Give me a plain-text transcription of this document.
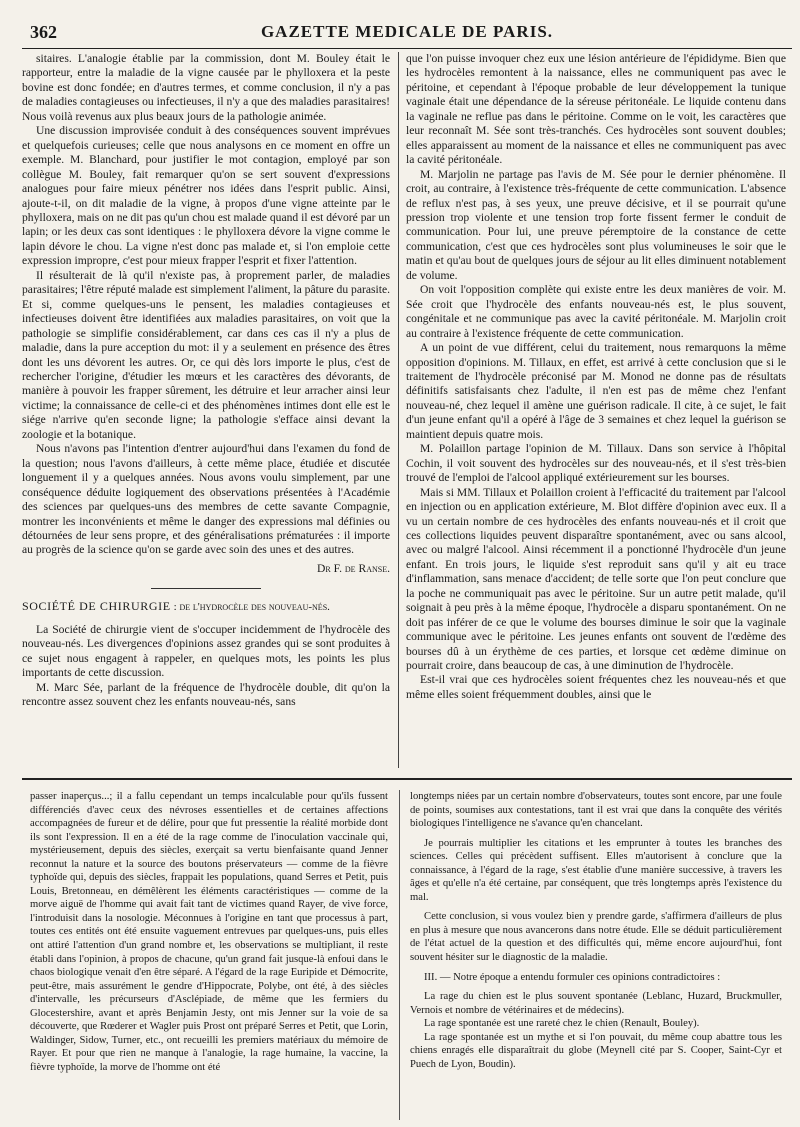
362	GAZETTE MEDICALE DE PARIS.

sitaires. L'analogie établie par la commission, dont M. Bouley était le rapporteur, entre la maladie de la vigne causée par le phylloxera et la peste bovine est donc fondée; en d'autres termes, et comme conclusion, il n'y a pas de maladies contagieuses ou infectieuses, il n'y a que des maladies parasitaires! Nous voilà revenus aux plus beaux jours de la pathologie animée.

Une discussion improvisée conduit à des conséquences souvent imprévues et quelquefois curieuses; celle que nous analysons en ce moment en offre un exemple. M. Blanchard, pour justifier le mot contagion, employé par son collègue M. Bouley, fait remarquer qu'on se sert souvent d'expressions analogues pour faire mieux pénétrer nos idées dans l'esprit public. Ainsi, ajoute-t-il, on dit maladie de la vigne, à propos d'une vigne atteinte par le phylloxera, mais on ne dit pas qu'un chou est malade quand il est dévoré par un lapin; or les deux cas sont identiques : le phylloxera dévore la vigne comme le lapin dévore le chou. La vigne n'est donc pas malade et, si l'on emploie cette expression impropre, c'est pour mieux frapper l'esprit et fixer l'attention.

Il résulterait de là qu'il n'existe pas, à proprement parler, de maladies parasitaires; l'être réputé malade est simplement l'aliment, la pâture du parasite. Et si, comme quelques-uns le pensent, les maladies contagieuses et infectieuses doivent être identifiées aux maladies parasitaires, on voit que la pathologie se simplifie considérablement, car dans ces cas il n'y a plus de maladie, dans la pure acception du mot: il y a seulement en présence des êtres dont les uns dévorent les autres. Or, ce qui dès lors importe le plus, c'est de rechercher l'origine, d'étudier les mœurs et les caractères des dévorants, de manière à pouvoir les frapper sûrement, les détruire et leur arracher ainsi leur victime; la connaissance de celle-ci et des phénomènes intimes dont elle est le siége n'arrive qu'en seconde ligne; la pathologie s'efface ainsi devant la zoologie et la botanique.

Nous n'avons pas l'intention d'entrer aujourd'hui dans l'examen du fond de la question; nous l'avons d'ailleurs, à cette même place, étudiée et discutée longuement il y a quelques années. Nous avons voulu simplement, par une conséquence déduite logiquement des observations présentées à l'Académie des sciences par quelques-uns des membres de cette savante Compagnie, montrer les inconvénients et même le danger des expressions mal définies ou détournées de leur sens propre, et des généralisations prématurées : il importe au progrès de la science qu'on se garde avec soin des unes et des autres.

Dr F. de Ranse.

SOCIÉTÉ DE CHIRURGIE : de l'hydrocèle des nouveau-nés.

La Société de chirurgie vient de s'occuper incidemment de l'hydrocèle des nouveau-nés. Les divergences d'opinions assez grandes qui se sont produites à ce sujet nous engagent à rappeler, en quelques mots, les points les plus importants de cette discussion.

M. Marc Sée, parlant de la fréquence de l'hydrocèle double, dit qu'on la rencontre assez souvent chez les enfants nouveau-nés, sans

que l'on puisse invoquer chez eux une lésion antérieure de l'épididyme. Bien que les hydrocèles remontent à la naissance, elles ne communiquent pas avec le péritoine, et cependant à l'époque probable de leur développement la tunique vaginale était une dépendance de la séreuse péritonéale. Le liquide contenu dans la vaginale ne reflue pas dans le péritoine. Comme on le voit, les caractères que leur reconnaît M. Sée sont très-tranchés. Ces hydrocèles sont souvent doubles; elles apparaissent au moment de la naissance et elles ne communiquent pas avec la cavité péritonéale.

M. Marjolin ne partage pas l'avis de M. Sée pour le dernier phénomène. Il croit, au contraire, à l'existence très-fréquente de cette communication. L'absence de reflux n'est pas, à ses yeux, une preuve décisive, et il se pourrait qu'une pression trop violente et une tension trop forte fissent fermer le conduit de communication. Pour lui, une preuve péremptoire de la constance de cette communication, c'est que ces hydrocèles sont plus volumineuses le soir que le matin et qu'au bout de quelques jours de séjour au lit elles diminuent notablement de volume.

On voit l'opposition complète qui existe entre les deux manières de voir. M. Sée croit que l'hydrocèle des enfants nouveau-nés est, le plus souvent, congénitale et ne communique pas avec la cavité péritonéale. M. Marjolin croit au contraire à l'existence fréquente de cette communication.

A un point de vue différent, celui du traitement, nous remarquons la même opposition d'opinions. M. Tillaux, en effet, est arrivé à cette conclusion que si le traitement de l'hydrocèle préconisé par M. Monod ne donne pas de résultats définitifs satisfaisants chez l'adulte, il n'en est pas de même chez l'enfant nouveau-né, chez lequel il amène une guérison radicale. Il cite, à ce sujet, le fait d'un jeune enfant qu'il a opéré à l'âge de 3 semaines et chez lequel la guérison se maintient depuis quatre mois.

M. Polaillon partage l'opinion de M. Tillaux. Dans son service à l'hôpital Cochin, il voit souvent des hydrocèles sur des nouveau-nés, et il s'est très-bien trouvé de l'emploi de l'alcool appliqué extérieurement sur les bourses.

Mais si MM. Tillaux et Polaillon croient à l'efficacité du traitement par l'alcool en injection ou en application extérieure, M. Blot diffère d'opinion avec eux. Il a vu un certain nombre de ces hydrocèles des enfants nouveau-nés et il croit que ces collections liquides peuvent disparaître spontanément, avec ou sans alcool, avec ou malgré l'alcool. Ainsi récemment il a ponctionné l'hydrocèle d'un jeune enfant. En trois jours, le liquide s'est reproduit sans qu'il y ait eu trace d'inflammation, sans menace d'accident; de telle sorte que l'on peut conclure que la poche ne communiquait pas avec le péritoine. Sur un autre petit malade, qu'il soignait à peu près à la même époque, l'hydrocèle a disparu spontanément. On ne doit pas inférer de ce que le volume des bourses diminue le soir que la vaginale communique avec le péritoine. Les jeunes enfants ont souvent de l'œdème des bourses dû à un érythème de ces parties, et lorsque cet œdème diminue on pourrait croire, dans beaucoup de cas, à une diminution de l'hydrocèle.

Est-il vrai que ces hydrocèles soient fréquentes chez les nouveau-nés et que même elles soient fréquemment doubles, ainsi que le

passer inaperçus...; il a fallu cependant un temps incalculable pour qu'ils fussent différenciés d'avec ceux des névroses essentielles et de certaines affections accompagnées de fureur et de délire, pour que fut pressentie la réalité morbide dont ils sont l'expression. Il en a été de la rage comme de l'inoculation vaccinale qui, mystérieusement, depuis des siècles, exerçait sa vertu bienfaisante quand Jenner reconnut la nature et la source des boutons préservateurs — comme de la fièvre typhoïde qui, depuis des siècles, frappait les populations, quand Serres et Petit, puis Louis, Bretonneau, en démêlèrent les éléments caractéristiques — comme de la morve aiguë de l'homme qui avait fait tant de victimes quand Rayer, de vive force, l'introduisit dans la nosologie. Méconnues à l'origine en tant que processus à part, toutes ces entités ont été ensuite vaguement entrevues par quelques-uns, puis elles ont attiré l'attention d'un grand nombre et, les observations se multipliant, il reste établi dans l'opinion, à propos de chacune, qu'un grand fait jusque-là enfoui dans le chaos biologique venait d'en être séparé. A l'égard de la rage Euripide et Démocrite, peut-être, mais assurément le gendre d'Hippocrate, Polybe, ont été, à des siècles d'intervalle, les précurseurs d'Asclépiade, de même que les fermiers du Glocestershire, avant et après Benjamin Jesty, ont mis Jenner sur la voie de sa découverte, que Rœderer et Wagler puis Prost ont préparé Serres et Petit, que Lorin, Waldinger, Sidow, Turner, etc., ont recueilli les premiers matériaux du mémoire de Rayer. Et pour que rien ne manque à l'analogie, la rage humaine, la vaccine, la fièvre typhoïde, la morve de l'homme ont été

longtemps niées par un certain nombre d'observateurs, toutes sont encore, par une foule de points, soumises aux contestations, tant il est vrai que dans la conquête des vérités biologiques l'intelligence ne s'avance qu'en chancelant.

Je pourrais multiplier les citations et les emprunter à toutes les branches des sciences. Celles qui précèdent suffisent. Elles m'autorisent à conclure que la connaissance, à l'égard de la rage, s'est établie d'une manière successive, à travers les âges et qu'elle n'a été certaine, par conséquent, que très longtemps après l'existence du mal.

Cette conclusion, si vous voulez bien y prendre garde, s'affirmera d'ailleurs de plus en plus à mesure que nous avancerons dans notre étude. Elle se déduit particulièrement de l'état actuel de la question et des difficultés qui, même encore aujourd'hui, font souvent hésiter sur le diagnostic de la maladie.

III. — Notre époque a entendu formuler ces opinions contradictoires :

La rage du chien est le plus souvent spontanée (Leblanc, Huzard, Bruckmuller, Vernois et nombre de vétérinaires et de médecins).

La rage spontanée est une rareté chez le chien (Renault, Bouley).

La rage spontanée est un mythe et si l'on pouvait, du même coup abattre tous les chiens enragés elle disparaîtrait du globe (Meynell cité par S. Cooper, Saint-Cyr et Puech de Lyon, Boudin).
